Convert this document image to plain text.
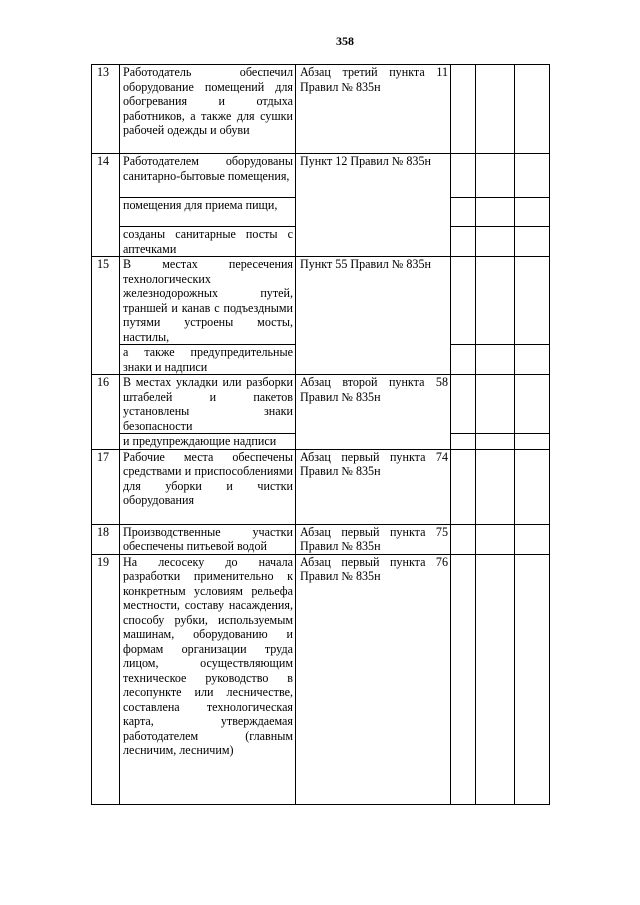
358
13	Работодатель обеспечил оборудование помещений для обогревания и отдыха работников, а также для сушки рабочей одежды и обуви	Абзац третий пункта 11 Правил № 835н			
14	Работодателем оборудованы санитарно-бытовые помещения,	Пункт 12 Правил № 835н			
	помещения для приема пищи,				
	созданы санитарные посты с аптечками				
15	В местах пересечения технологических железнодорожных путей, траншей и канав с подъездными путями устроены мосты, настилы,	Пункт 55 Правил № 835н			
	а также предупредительные знаки и надписи				
16	В местах укладки или разборки штабелей и пакетов установлены знаки безопасности	Абзац второй пункта 58 Правил № 835н			
	и предупреждающие надписи				
17	Рабочие места обеспечены средствами и приспособлениями для уборки и чистки оборудования	Абзац первый пункта 74 Правил № 835н			
18	Производственные участки обеспечены питьевой водой	Абзац первый пункта 75 Правил № 835н			
19	На лесосеку до начала разработки применительно к конкретным условиям рельефа местности, составу насаждения, способу рубки, используемым машинам, оборудованию и формам организации труда лицом, осуществляющим техническое руководство в лесопункте или лесничестве, составлена технологическая карта, утверждаемая работодателем (главным лесничим, лесничим)	Абзац первый пункта 76 Правил № 835н			
